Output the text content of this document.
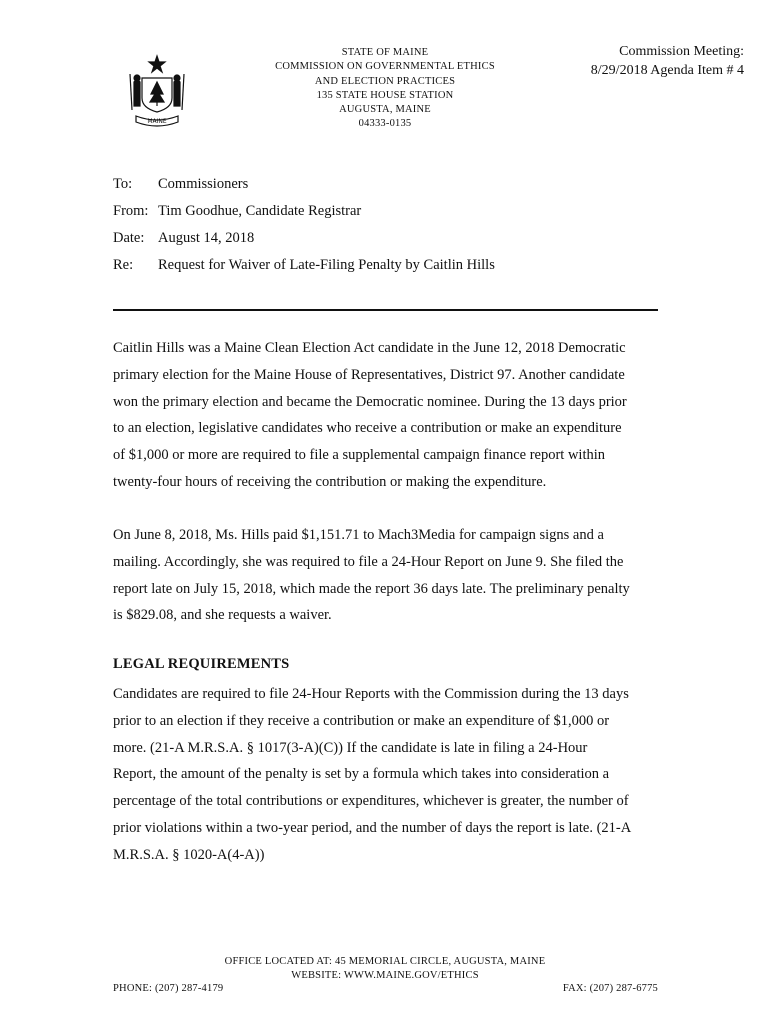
MAINE
STATE OF MAINE
COMMISSION ON GOVERNMENTAL ETHICS
AND ELECTION PRACTICES
135 STATE HOUSE STATION
AUGUSTA, MAINE
04333-0135
Commission Meeting:
8/29/2018 Agenda Item # 4
To: Commissioners
From: Tim Goodhue, Candidate Registrar
Date: August 14, 2018
Re: Request for Waiver of Late-Filing Penalty by Caitlin Hills

Caitlin Hills was a Maine Clean Election Act candidate in the June 12, 2018 Democratic

primary election for the Maine House of Representatives, District 97. Another candidate

won the primary election and became the Democratic nominee. During the 13 days prior

to an election, legislative candidates who receive a contribution or make an expenditure

of $1,000 or more are required to file a supplemental campaign finance report within

twenty-four hours of receiving the contribution or making the expenditure.

On June 8, 2018, Ms. Hills paid $1,151.71 to Mach3Media for campaign signs and a

mailing. Accordingly, she was required to file a 24-Hour Report on June 9. She filed the

report late on July 15, 2018, which made the report 36 days late. The preliminary penalty

is $829.08, and she requests a waiver.

LEGAL REQUIREMENTS

Candidates are required to file 24-Hour Reports with the Commission during the 13 days

prior to an election if they receive a contribution or make an expenditure of $1,000 or

more. (21-A M.R.S.A. § 1017(3-A)(C)) If the candidate is late in filing a 24-Hour

Report, the amount of the penalty is set by a formula which takes into consideration a

percentage of the total contributions or expenditures, whichever is greater, the number of

prior violations within a two-year period, and the number of days the report is late. (21-A

M.R.S.A. § 1020-A(4-A))

OFFICE LOCATED AT: 45 MEMORIAL CIRCLE, AUGUSTA, MAINE
WEBSITE: WWW.MAINE.GOV/ETHICS
PHONE: (207) 287-4179	FAX: (207) 287-6775
